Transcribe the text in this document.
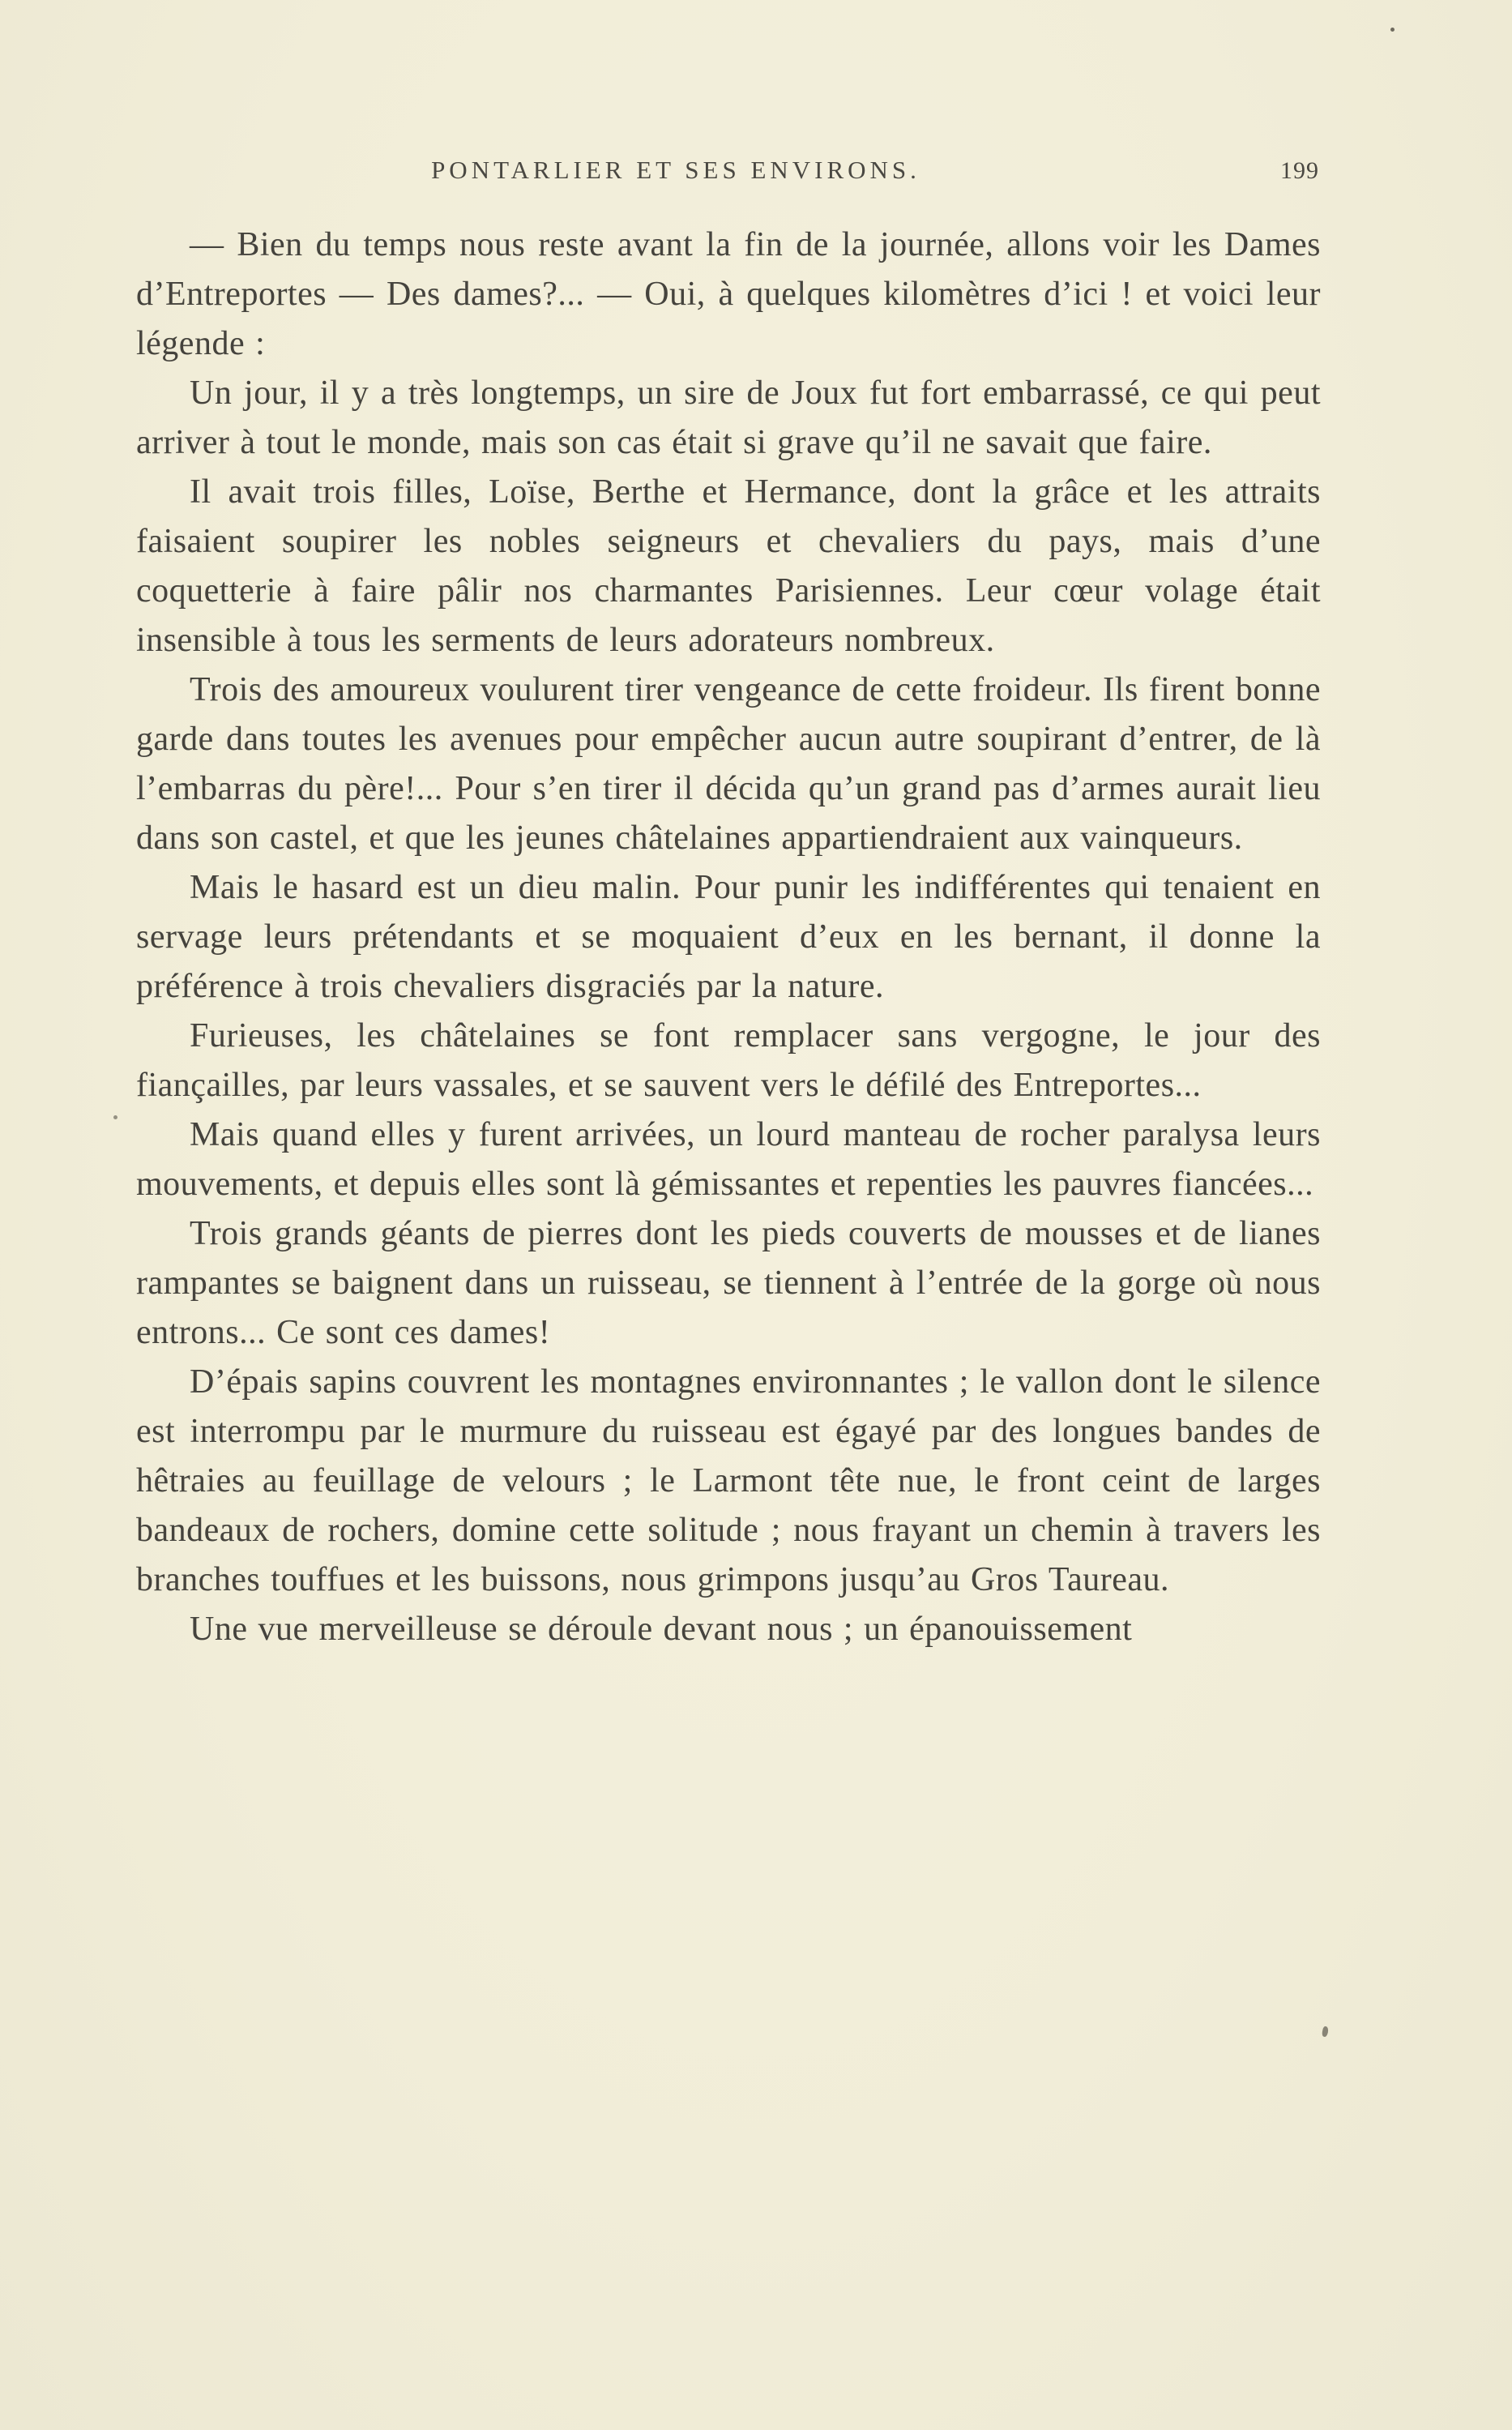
PONTARLIER ET SES ENVIRONS.	199

— Bien du temps nous reste avant la fin de la journée, allons voir les Dames d’Entreportes — Des dames?... — Oui, à quelques kilomètres d’ici ! et voici leur légende :

Un jour, il y a très longtemps, un sire de Joux fut fort embarrassé, ce qui peut arriver à tout le monde, mais son cas était si grave qu’il ne savait que faire.

Il avait trois filles, Loïse, Berthe et Hermance, dont la grâce et les attraits faisaient soupirer les nobles seigneurs et chevaliers du pays, mais d’une coquetterie à faire pâlir nos charmantes Parisiennes. Leur cœur volage était insensible à tous les serments de leurs adorateurs nombreux.

Trois des amoureux voulurent tirer vengeance de cette froideur. Ils firent bonne garde dans toutes les avenues pour empêcher aucun autre soupirant d’entrer, de là l’embarras du père!... Pour s’en tirer il décida qu’un grand pas d’armes aurait lieu dans son castel, et que les jeunes châtelaines appartiendraient aux vainqueurs.

Mais le hasard est un dieu malin. Pour punir les indifférentes qui tenaient en servage leurs prétendants et se moquaient d’eux en les bernant, il donne la préférence à trois chevaliers disgraciés par la nature.

Furieuses, les châtelaines se font remplacer sans vergogne, le jour des fiançailles, par leurs vassales, et se sauvent vers le défilé des Entreportes...

Mais quand elles y furent arrivées, un lourd manteau de rocher paralysa leurs mouvements, et depuis elles sont là gémissantes et repenties les pauvres fiancées...

Trois grands géants de pierres dont les pieds couverts de mousses et de lianes rampantes se baignent dans un ruisseau, se tiennent à l’entrée de la gorge où nous entrons... Ce sont ces dames!

D’épais sapins couvrent les montagnes environnantes ; le vallon dont le silence est interrompu par le murmure du ruisseau est égayé par des longues bandes de hêtraies au feuillage de velours ; le Larmont tête nue, le front ceint de larges bandeaux de rochers, domine cette solitude ; nous frayant un chemin à travers les branches touffues et les buissons, nous grimpons jusqu’au Gros Taureau.

Une vue merveilleuse se déroule devant nous ; un épanouissement
